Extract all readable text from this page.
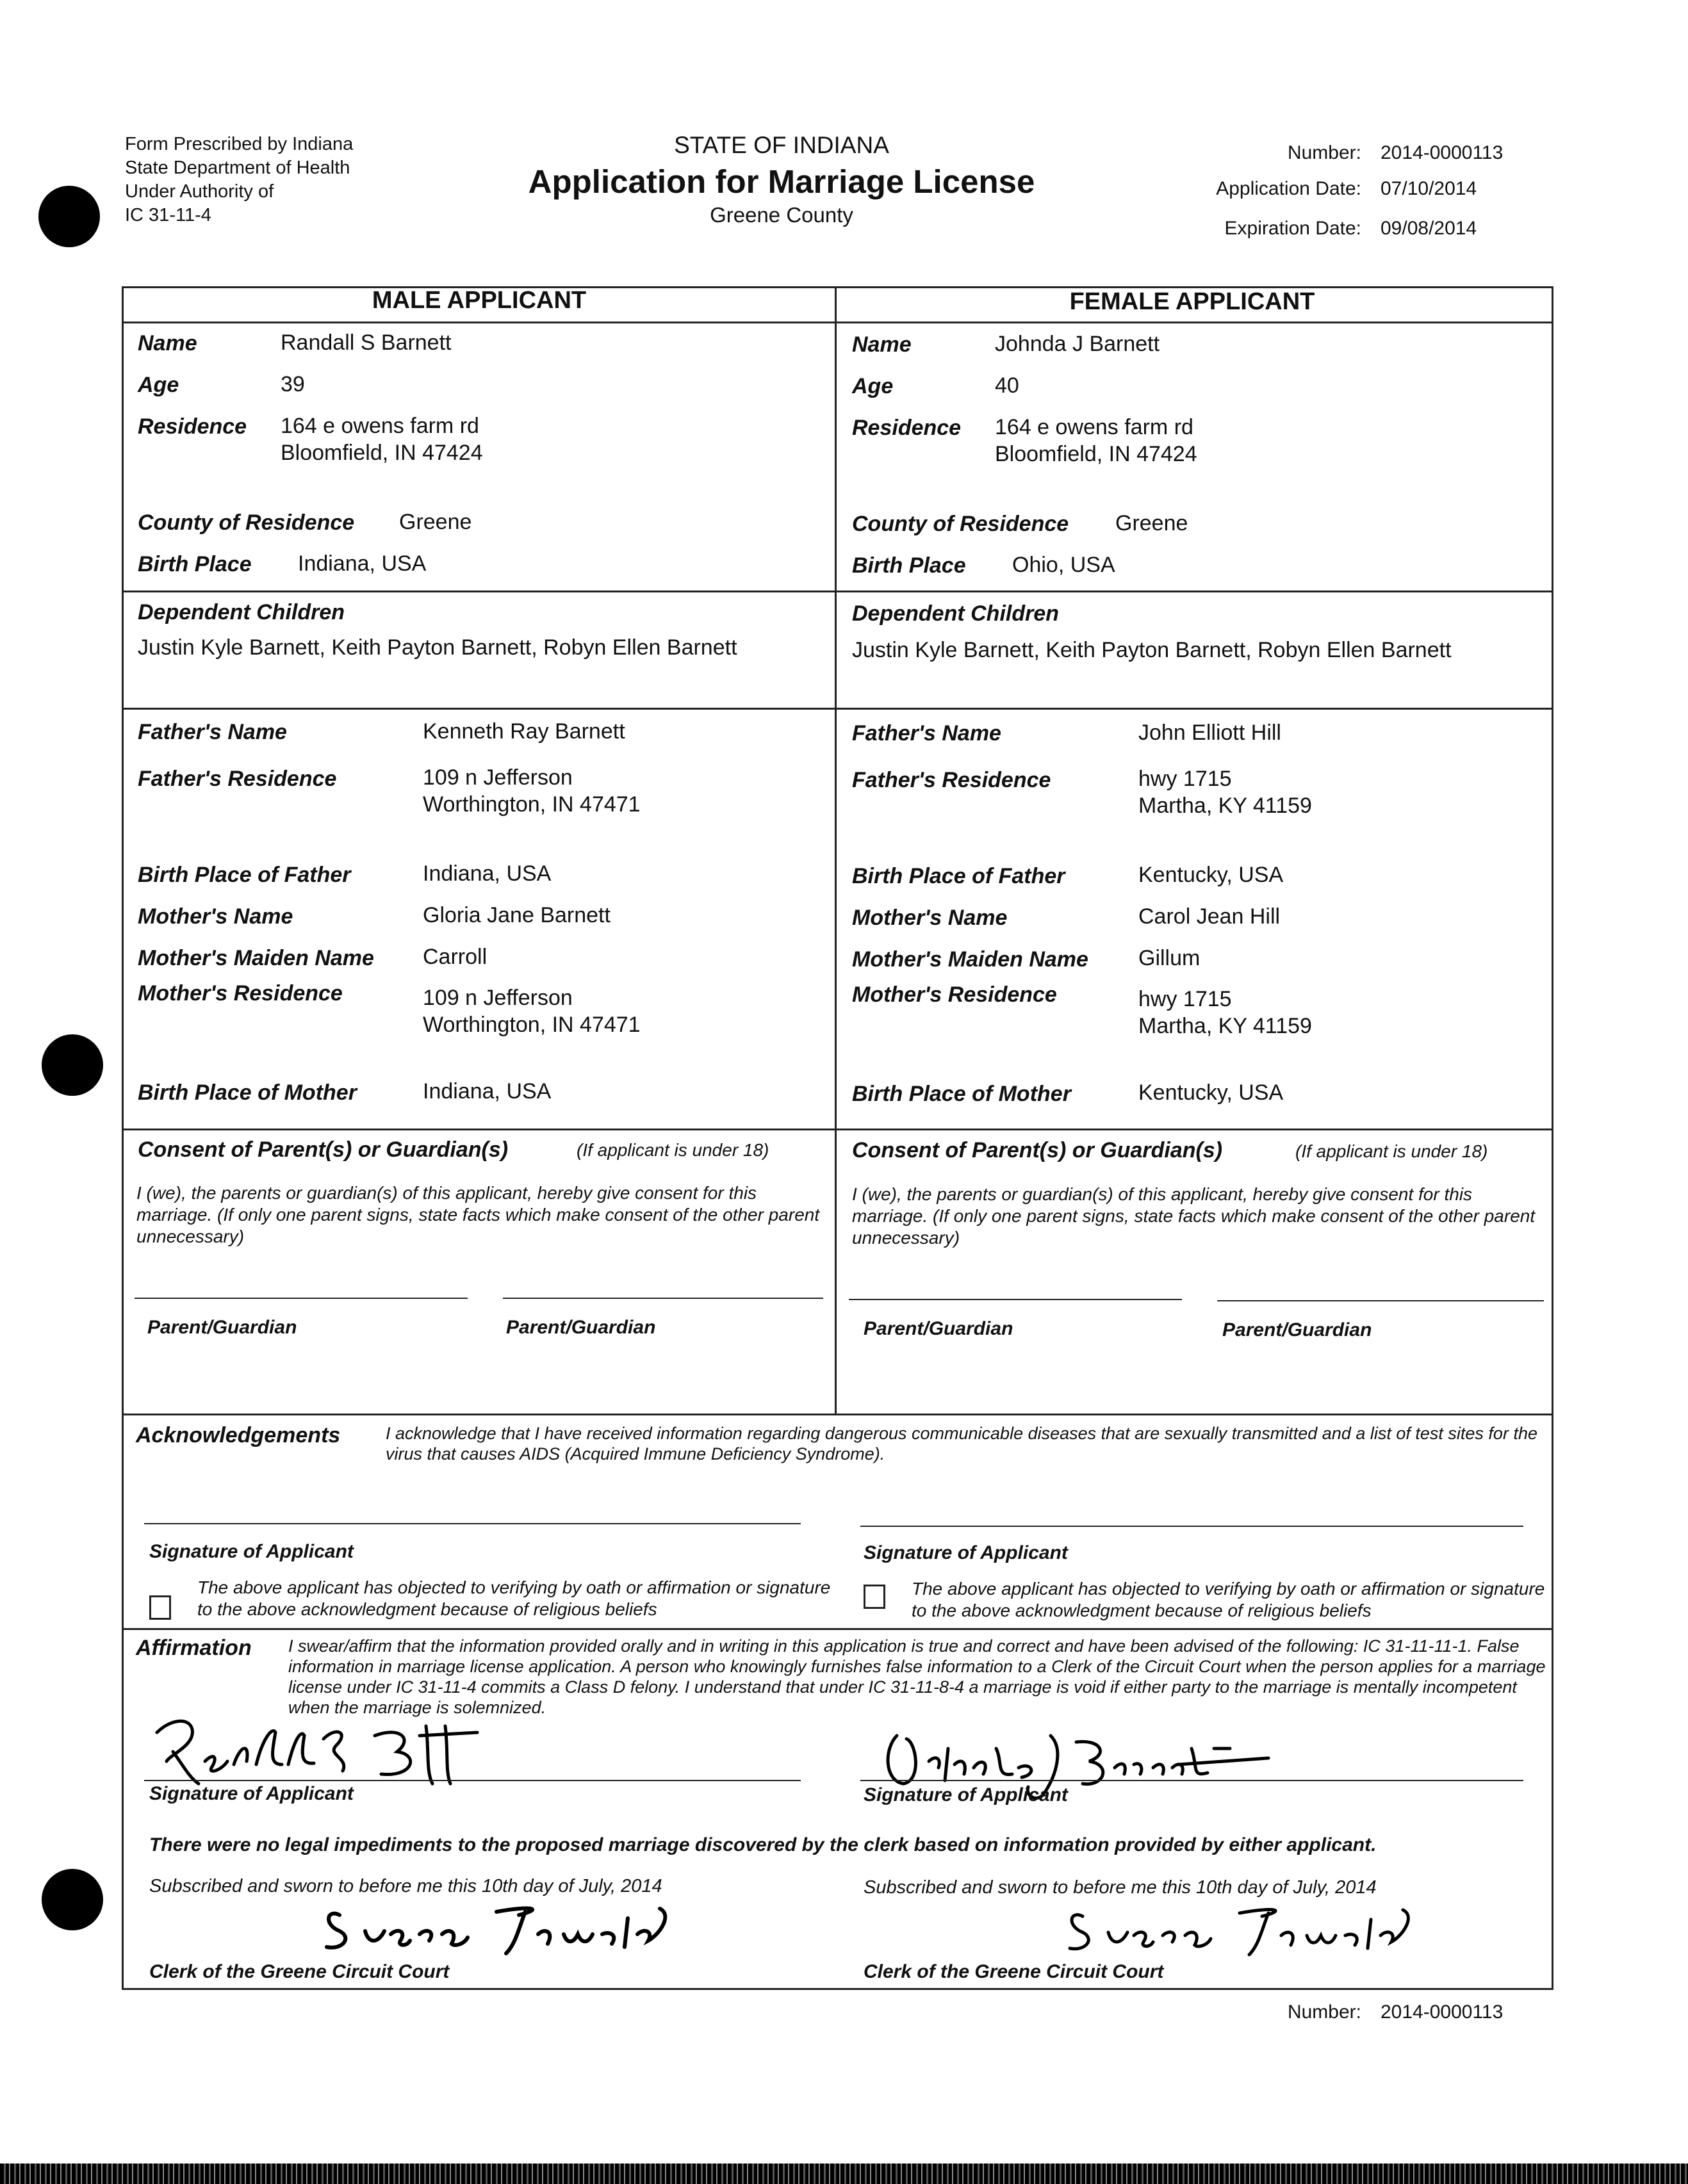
Form Prescribed by Indiana
State Department of Health
Under Authority of
IC 31-11-4
STATE OF INDIANA
Application for Marriage License
Greene County
Number: 2014-0000113
Application Date: 07/10/2014
Expiration Date: 09/08/2014
MALE APPLICANT	FEMALE APPLICANT
Name	Randall S Barnett
Age	39
Residence 164 e owens farm rd
Bloomfield, IN 47424
County of Residence Greene
Birth Place Indiana, USA
Name	Johnda J Barnett
Age	40
Residence 164 e owens farm rd
Bloomfield, IN 47424
County of Residence Greene
Birth Place Ohio, USA
Dependent Children
Justin Kyle Barnett, Keith Payton Barnett, Robyn Ellen Barnett
Dependent Children
Justin Kyle Barnett, Keith Payton Barnett, Robyn Ellen Barnett
Father's Name	Kenneth Ray Barnett
Father's Residence	109 n Jefferson
Worthington, IN 47471
Birth Place of Father	Indiana, USA
Mother's Name	Gloria Jane Barnett
Mother's Maiden Name Carroll
Mother's Residence	109 n Jefferson
Worthington, IN 47471
Birth Place of Mother	Indiana, USA
Father's Name	John Elliott Hill
Father's Residence	hwy 1715
Martha, KY 41159
Birth Place of Father	Kentucky, USA
Mother's Name	Carol Jean Hill
Mother's Maiden Name Gillum
Mother's Residence	hwy 1715
Martha, KY 41159
Birth Place of Mother	Kentucky, USA
Consent of Parent(s) or Guardian(s)	(If applicant is under 18)
I (we), the parents or guardian(s) of this applicant, hereby give consent for this marriage. (If only one parent signs, state facts which make consent of the other parent unnecessary)
Parent/Guardian	Parent/Guardian
Consent of Parent(s) or Guardian(s)	(If applicant is under 18)
I (we), the parents or guardian(s) of this applicant, hereby give consent for this marriage. (If only one parent signs, state facts which make consent of the other parent unnecessary)
Parent/Guardian	Parent/Guardian
Acknowledgements	I acknowledge that I have received information regarding dangerous communicable diseases that are sexually transmitted and a list of test sites for the virus that causes AIDS (Acquired Immune Deficiency Syndrome).
Signature of Applicant	Signature of Applicant
The above applicant has objected to verifying by oath or affirmation or signature to the above acknowledgment because of religious beliefs
The above applicant has objected to verifying by oath or affirmation or signature to the above acknowledgment because of religious beliefs
Affirmation I swear/affirm that the information provided orally and in writing in this application is true and correct and have been advised of the following: IC 31-11-11-1. False information in marriage license application. A person who knowingly furnishes false information to a Clerk of the Circuit Court when the person applies for a marriage license under IC 31-11-4 commits a Class D felony. I understand that under IC 31-11-8-4 a marriage is void if either party to the marriage is mentally incompetent when the marriage is solemnized.
Signature of Applicant	Signature of Applicant
There were no legal impediments to the proposed marriage discovered by the clerk based on information provided by either applicant.
Subscribed and sworn to before me this 10th day of July, 2014	Subscribed and sworn to before me this 10th day of July, 2014
Clerk of the Greene Circuit Court	Clerk of the Greene Circuit Court
Number: 2014-0000113
